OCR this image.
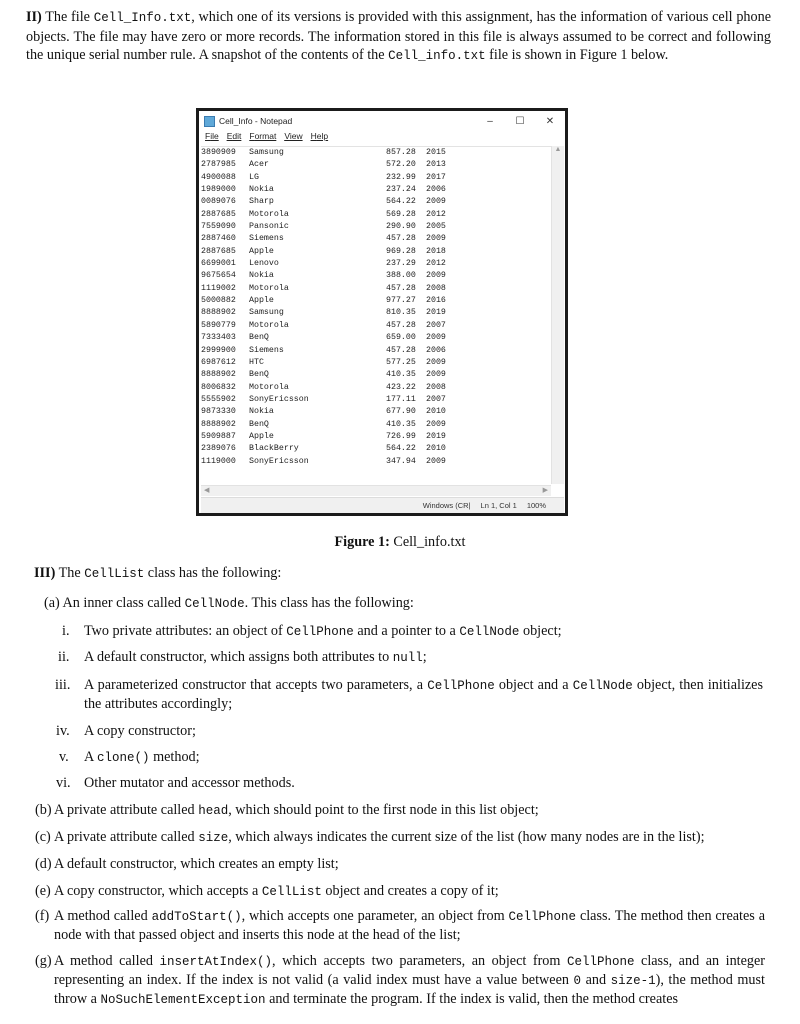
II) The file Cell_Info.txt, which one of its versions is provided with this assignment, has the information of various cell phone objects. The file may have zero or more records. The information stored in this file is always assumed to be correct and following the unique serial number rule. A snapshot of the contents of the Cell_info.txt file is shown in Figure 1 below.
Cell_Info - Notepad	–	☐	✕
File Edit Format View Help
3890909	Samsung	857.28	2015
2787985	Acer	572.20	2013
4900088	LG	232.99	2017
1989000	Nokia	237.24	2006
0089076	Sharp	564.22	2009
2887685	Motorola	569.28	2012
7559090	Pansonic	290.90	2005
2887460	Siemens	457.28	2009
2887685	Apple	969.28	2018
6699001	Lenovo	237.29	2012
9675654	Nokia	388.00	2009
1119002	Motorola	457.28	2008
5000882	Apple	977.27	2016
8888902	Samsung	810.35	2019
5890779	Motorola	457.28	2007
7333403	BenQ	659.00	2009
2999900	Siemens	457.28	2006
6987612	HTC	577.25	2009
8888902	BenQ	410.35	2009
8006832	Motorola	423.22	2008
5555902	SonyEricsson	177.11	2007
9873330	Nokia	677.90	2010
8888902	BenQ	410.35	2009
5909887	Apple	726.99	2019
2389076	BlackBerry	564.22	2010
1119000	SonyEricsson	347.94	2009
▲
◀	▶
Windows (CR| Ln 1, Col 1 100%
Figure 1: Cell_info.txt
III) The CellList class has the following:
(a) An inner class called CellNode. This class has the following:
i.	Two private attributes: an object of CellPhone and a pointer to a CellNode object;
ii.	A default constructor, which assigns both attributes to null;
iii. A parameterized constructor that accepts two parameters, a CellPhone object and a CellNode object, then initializes the attributes accordingly;
iv.	A copy constructor;
v.	A clone() method;
vi. Other mutator and accessor methods.
(b) A private attribute called head, which should point to the first node in this list object;
(c) A private attribute called size, which always indicates the current size of the list (how many nodes are in the list);
(d) A default constructor, which creates an empty list;
(e) A copy constructor, which accepts a CellList object and creates a copy of it;
(f) A method called addToStart(), which accepts one parameter, an object from CellPhone class. The method then creates a node with that passed object and inserts this node at the head of the list;
(g) A method called insertAtIndex(), which accepts two parameters, an object from CellPhone class, and an integer representing an index. If the index is not valid (a valid index must have a value between 0 and size-1), the method must throw a NoSuchElementException and terminate the program. If the index is valid, then the method creates
